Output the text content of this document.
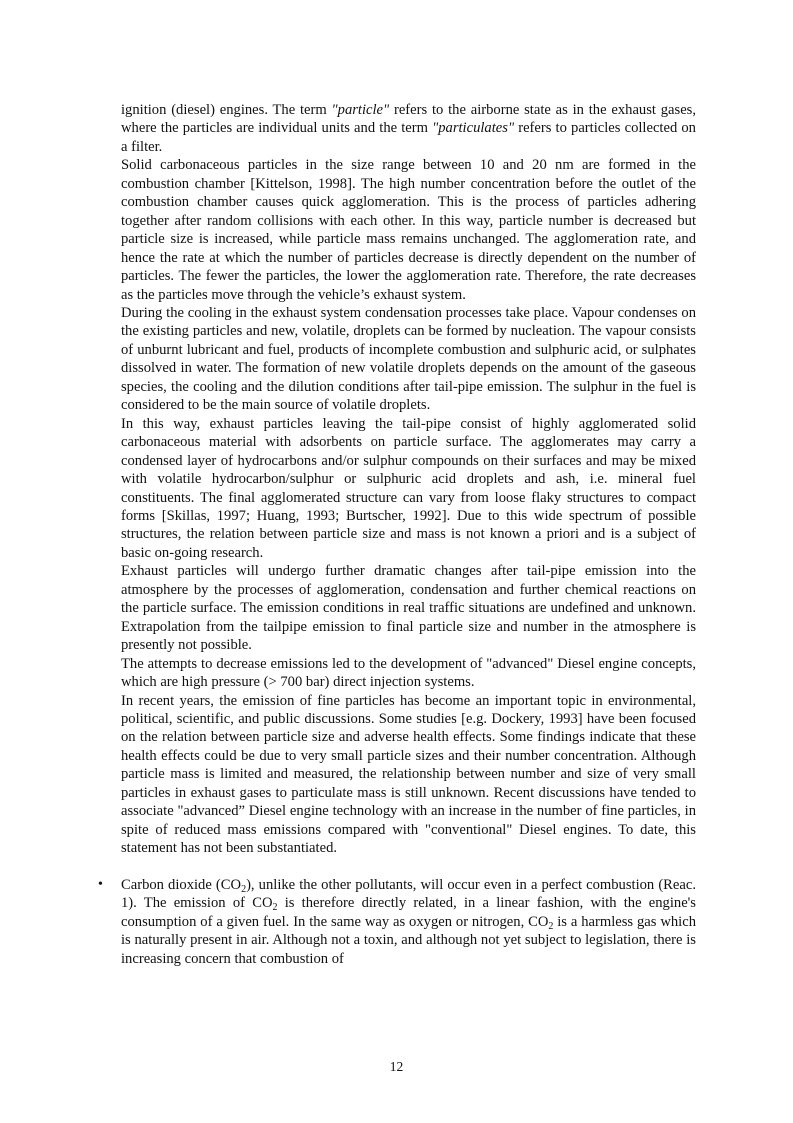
ignition (diesel) engines. The term "particle" refers to the airborne state as in the exhaust gases, where the particles are individual units and the term "particulates" refers to particles collected on a filter.

Solid carbonaceous particles in the size range between 10 and 20 nm are formed in the combustion chamber [Kittelson, 1998]. The high number concentration before the outlet of the combustion chamber causes quick agglomeration. This is the process of particles adhering together after random collisions with each other. In this way, particle number is decreased but particle size is increased, while particle mass remains unchanged. The agglomeration rate, and hence the rate at which the number of particles decrease is directly dependent on the number of particles. The fewer the particles, the lower the agglomeration rate. Therefore, the rate decreases as the particles move through the vehicle’s exhaust system.

During the cooling in the exhaust system condensation processes take place. Vapour condenses on the existing particles and new, volatile, droplets can be formed by nucleation. The vapour consists of unburnt lubricant and fuel, products of incomplete combustion and sulphuric acid, or sulphates dissolved in water. The formation of new volatile droplets depends on the amount of the gaseous species, the cooling and the dilution conditions after tail-pipe emission. The sulphur in the fuel is considered to be the main source of volatile droplets.

In this way, exhaust particles leaving the tail-pipe consist of highly agglomerated solid carbonaceous material with adsorbents on particle surface. The agglomerates may carry a condensed layer of hydrocarbons and/or sulphur compounds on their surfaces and may be mixed with volatile hydrocarbon/sulphur or sulphuric acid droplets and ash, i.e. mineral fuel constituents. The final agglomerated structure can vary from loose flaky structures to compact forms [Skillas, 1997; Huang, 1993; Burtscher, 1992]. Due to this wide spectrum of possible structures, the relation between particle size and mass is not known a priori and is a subject of basic on-going research.

Exhaust particles will undergo further dramatic changes after tail-pipe emission into the atmosphere by the processes of agglomeration, condensation and further chemical reactions on the particle surface. The emission conditions in real traffic situations are undefined and unknown. Extrapolation from the tailpipe emission to final particle size and number in the atmosphere is presently not possible.

The attempts to decrease emissions led to the development of "advanced" Diesel engine concepts, which are high pressure (> 700 bar) direct injection systems.

In recent years, the emission of fine particles has become an important topic in environmental, political, scientific, and public discussions. Some studies [e.g. Dockery, 1993] have been focused on the relation between particle size and adverse health effects. Some findings indicate that these health effects could be due to very small particle sizes and their number concentration. Although particle mass is limited and measured, the relationship between number and size of very small particles in exhaust gases to particulate mass is still unknown. Recent discussions have tended to associate "advanced” Diesel engine technology with an increase in the number of fine particles, in spite of reduced mass emissions compared with "conventional" Diesel engines. To date, this statement has not been substantiated.

• Carbon dioxide $(CO_2)$, unlike the other pollutants, will occur even in a perfect combustion (Reac. 1). The emission of $CO_2$ is therefore directly related, in a linear fashion, with the engine's consumption of a given fuel. In the same way as oxygen or nitrogen, $CO_2$ is a harmless gas which is naturally present in air. Although not a toxin, and although not yet subject to legislation, there is increasing concern that combustion of

12
